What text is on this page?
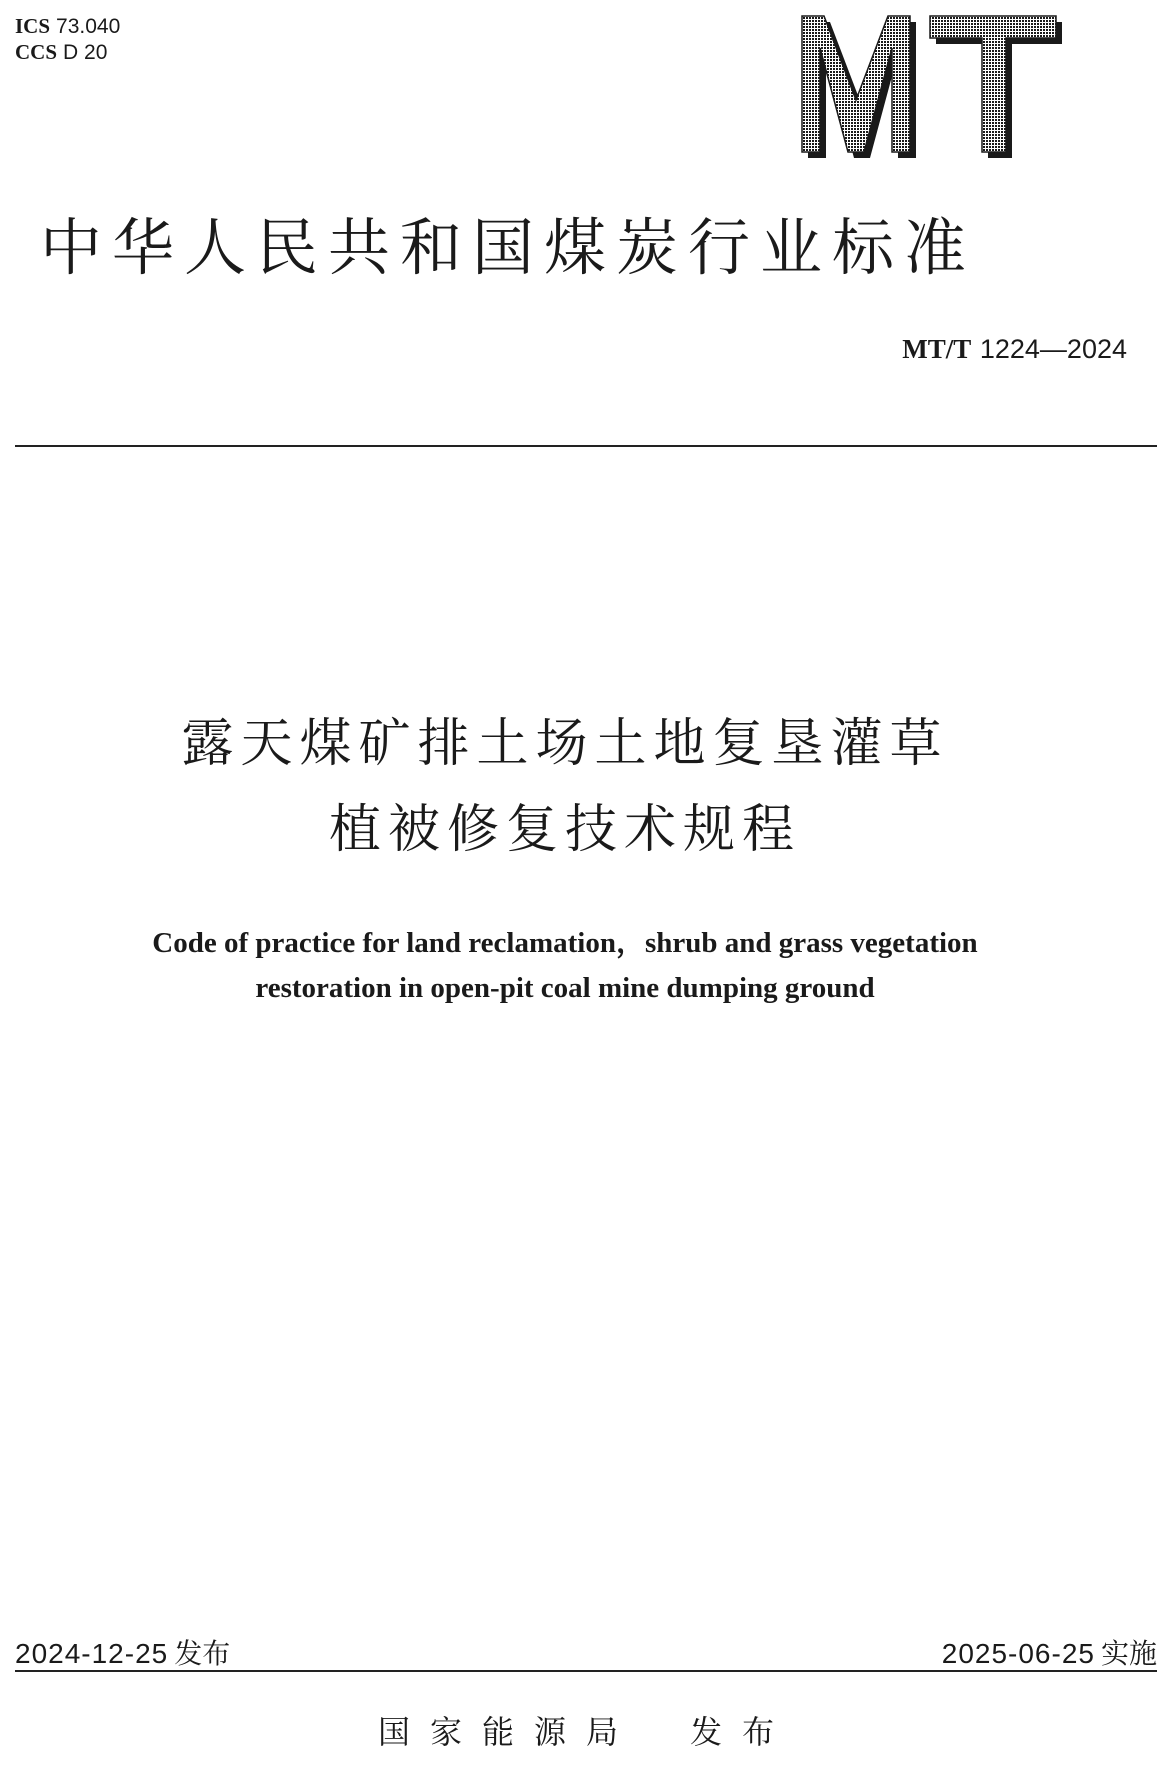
ICS 73.040
CCS D 20
中华人民共和国煤炭行业标准
MT/T 1224—2024
露天煤矿排土场土地复垦灌草
植被修复技术规程
Code of practice for land reclamation，shrub and grass vegetation
restoration in open-pit coal mine dumping ground
2024-12-25 发布	2025-06-25 实施
国家能源局 发布
